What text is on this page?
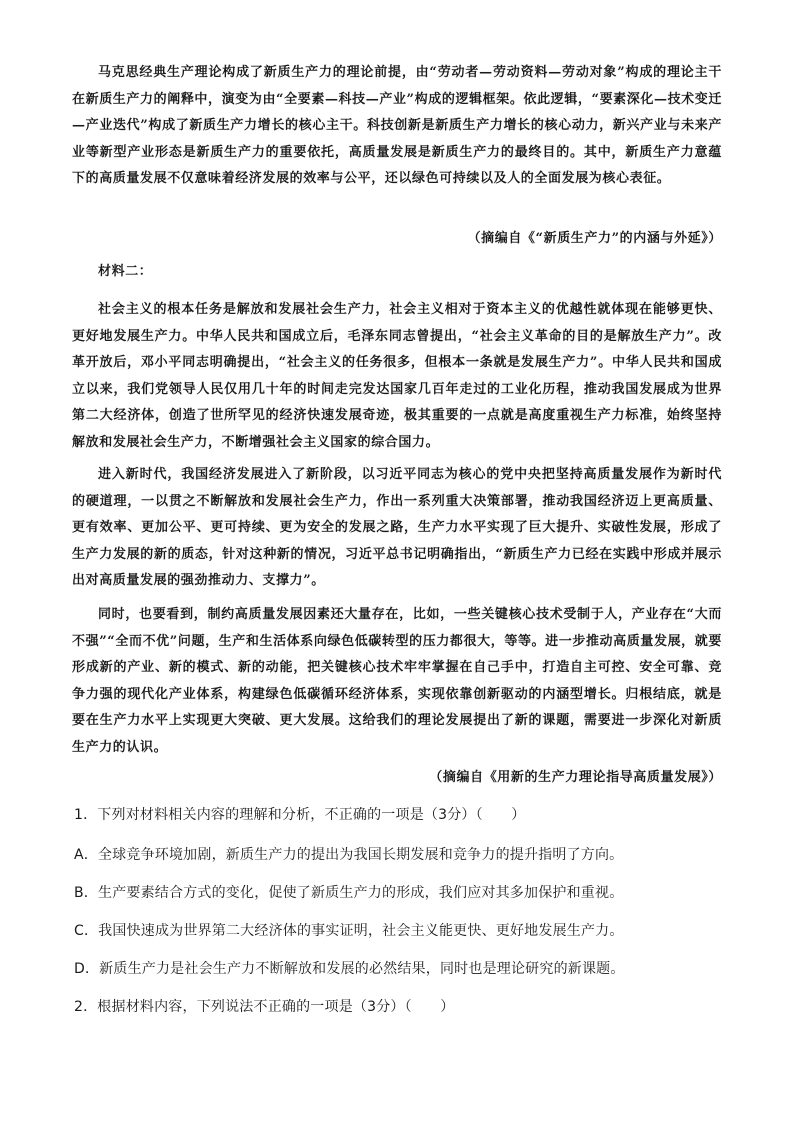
马克思经典生产理论构成了新质生产力的理论前提，由“劳动者—劳动资料—劳动对象”构成的理论主干在新质生产力的阐释中，演变为由“全要素—科技—产业”构成的逻辑框架。依此逻辑，“要素深化—技术变迁—产业迭代”构成了新质生产力增长的核心主干。科技创新是新质生产力增长的核心动力，新兴产业与未来产业等新型产业形态是新质生产力的重要依托，高质量发展是新质生产力的最终目的。其中，新质生产力意蕴下的高质量发展不仅意味着经济发展的效率与公平，还以绿色可持续以及人的全面发展为核心表征。

（摘编自《“新质生产力”的内涵与外延》）

材料二：

社会主义的根本任务是解放和发展社会生产力，社会主义相对于资本主义的优越性就体现在能够更快、更好地发展生产力。中华人民共和国成立后，毛泽东同志曾提出，“社会主义革命的目的是解放生产力”。改革开放后，邓小平同志明确提出，“社会主义的任务很多，但根本一条就是发展生产力”。中华人民共和国成立以来，我们党领导人民仅用几十年的时间走完发达国家几百年走过的工业化历程，推动我国发展成为世界第二大经济体，创造了世所罕见的经济快速发展奇迹，极其重要的一点就是高度重视生产力标准，始终坚持解放和发展社会生产力，不断增强社会主义国家的综合国力。

进入新时代，我国经济发展进入了新阶段，以习近平同志为核心的党中央把坚持高质量发展作为新时代的硬道理，一以贯之不断解放和发展社会生产力，作出一系列重大决策部署，推动我国经济迈上更高质量、更有效率、更加公平、更可持续、更为安全的发展之路，生产力水平实现了巨大提升、实破性发展，形成了生产力发展的新的质态，针对这种新的情况，习近平总书记明确指出，“新质生产力已经在实践中形成并展示出对高质量发展的强劲推动力、支撑力”。

同时，也要看到，制约高质量发展因素还大量存在，比如，一些关键核心技术受制于人，产业存在“大而不强”“全而不优”问题，生产和生活体系向绿色低碳转型的压力都很大，等等。进一步推动高质量发展，就要形成新的产业、新的模式、新的动能，把关键核心技术牢牢掌握在自己手中，打造自主可控、安全可靠、竞争力强的现代化产业体系，构建绿色低碳循环经济体系，实现依靠创新驱动的内涵型增长。归根结底，就是要在生产力水平上实现更大突破、更大发展。这给我们的理论发展提出了新的课题，需要进一步深化对新质生产力的认识。

（摘编自《用新的生产力理论指导高质量发展》）

1．下列对材料相关内容的理解和分析，不正确的一项是（3分）（　　）

A．全球竞争环境加剧，新质生产力的提出为我国长期发展和竞争力的提升指明了方向。

B．生产要素结合方式的变化，促使了新质生产力的形成，我们应对其多加保护和重视。

C．我国快速成为世界第二大经济体的事实证明，社会主义能更快、更好地发展生产力。

D．新质生产力是社会生产力不断解放和发展的必然结果，同时也是理论研究的新课题。

2．根据材料内容，下列说法不正确的一项是（3分）（　　）
